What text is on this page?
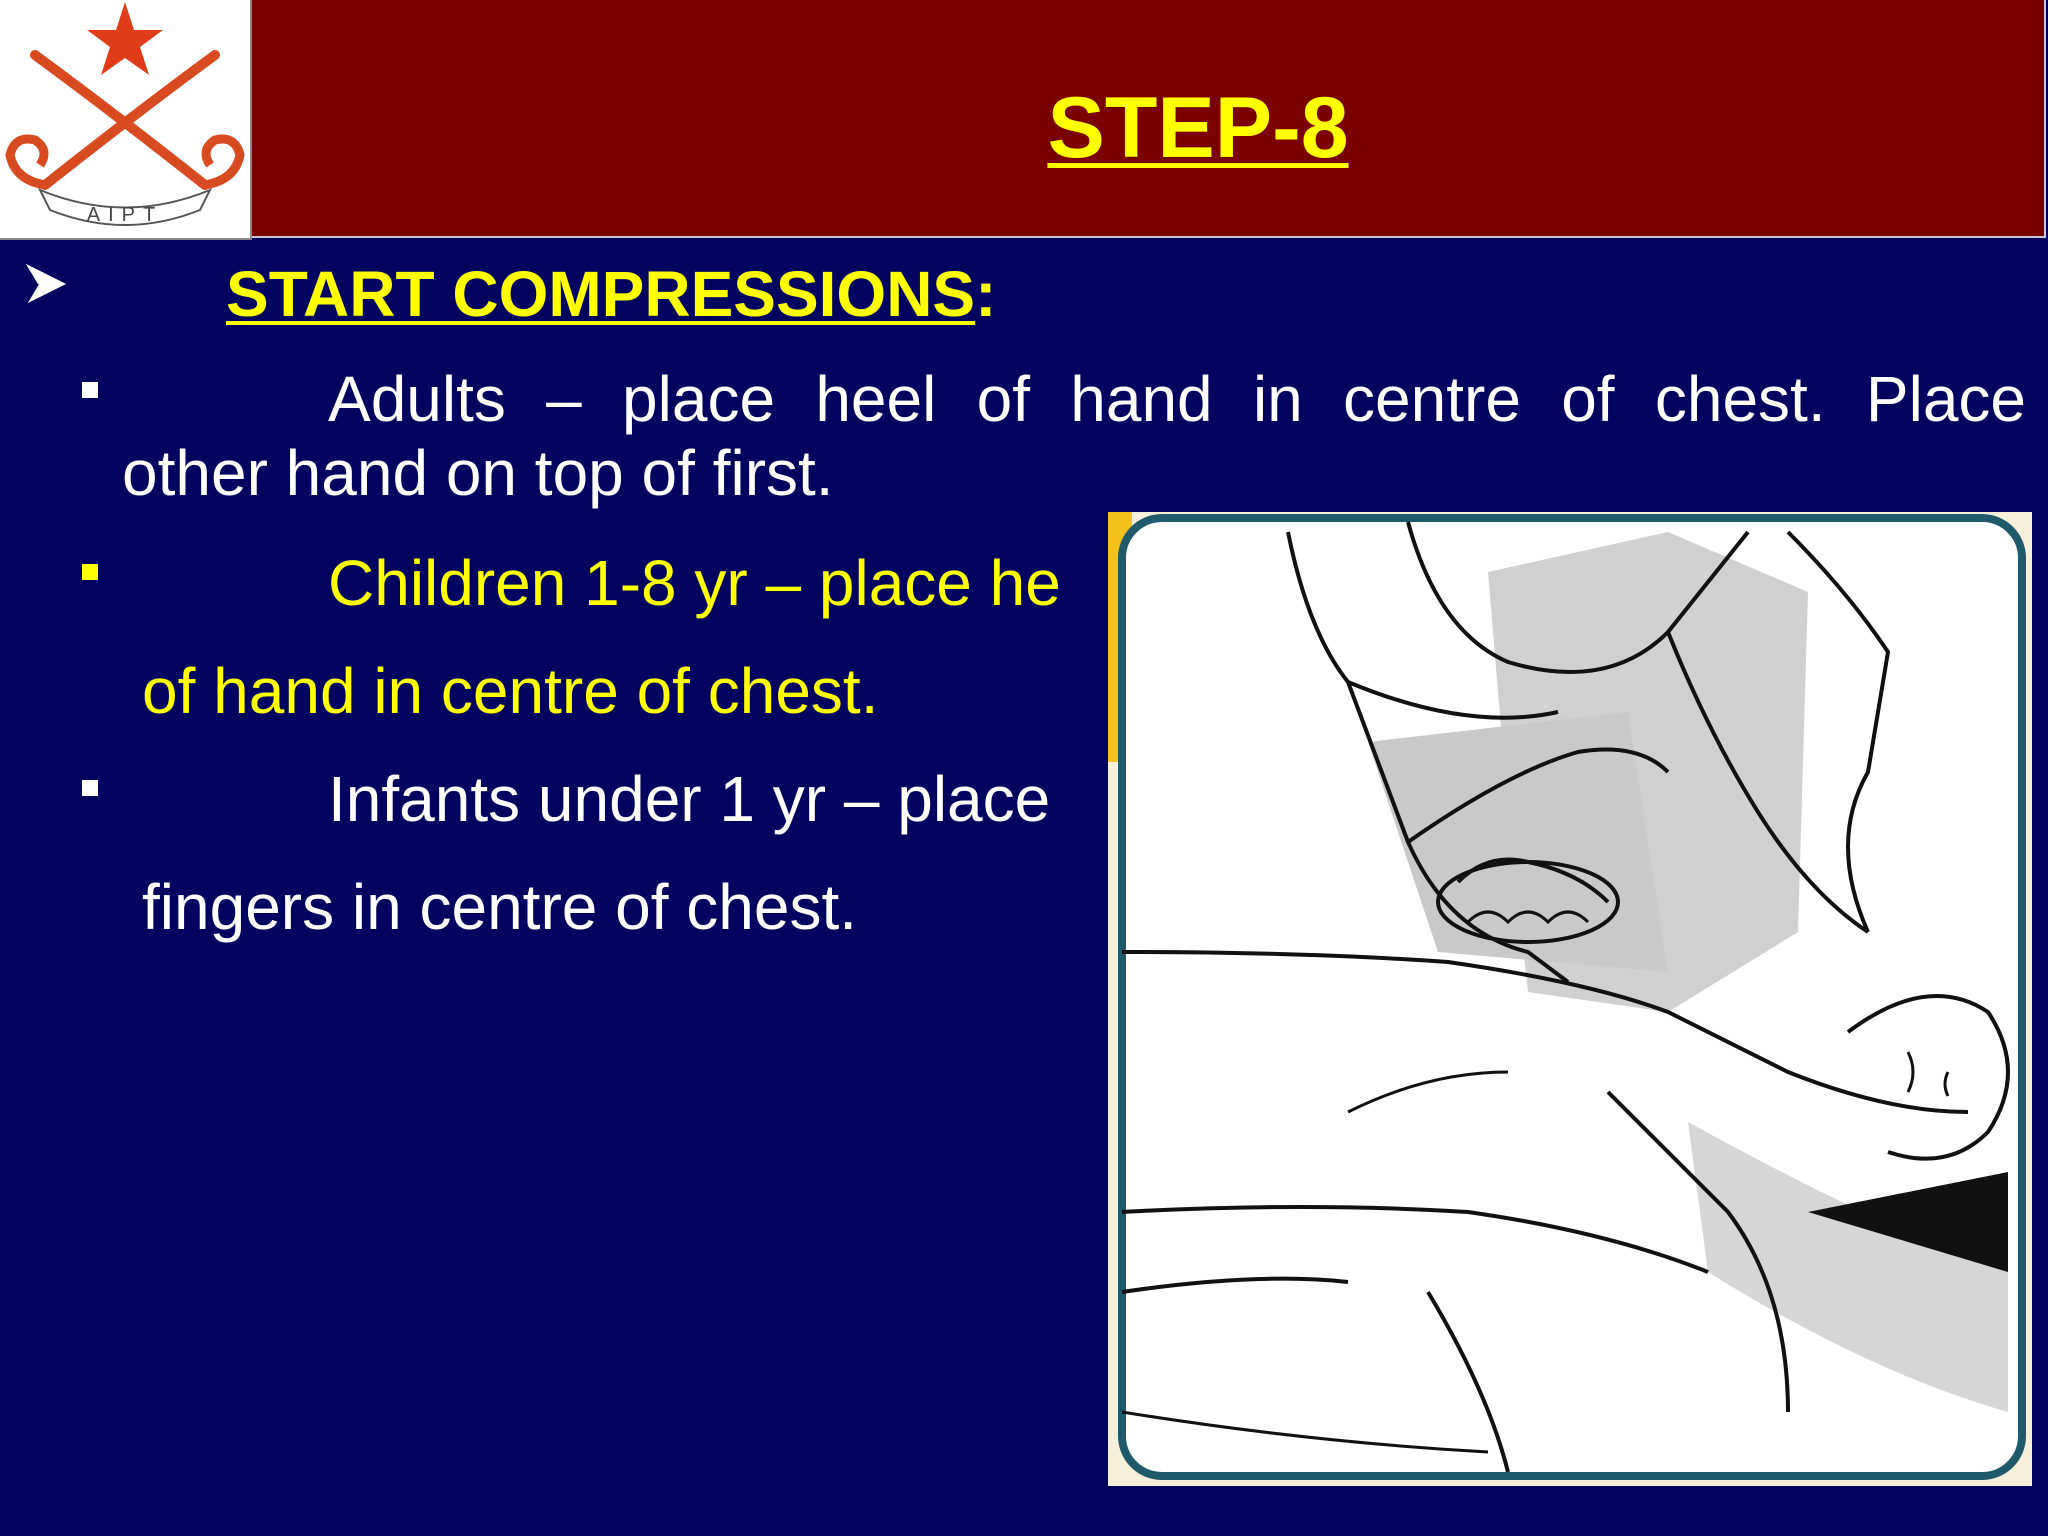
AIPT
STEP-8
START COMPRESSIONS:
Adults – place heel of hand in centre of chest. Place
other hand on top of first.
Children 1-8 yr – place he
of hand in centre of chest.
Infants under 1 yr – place
fingers in centre of chest.
